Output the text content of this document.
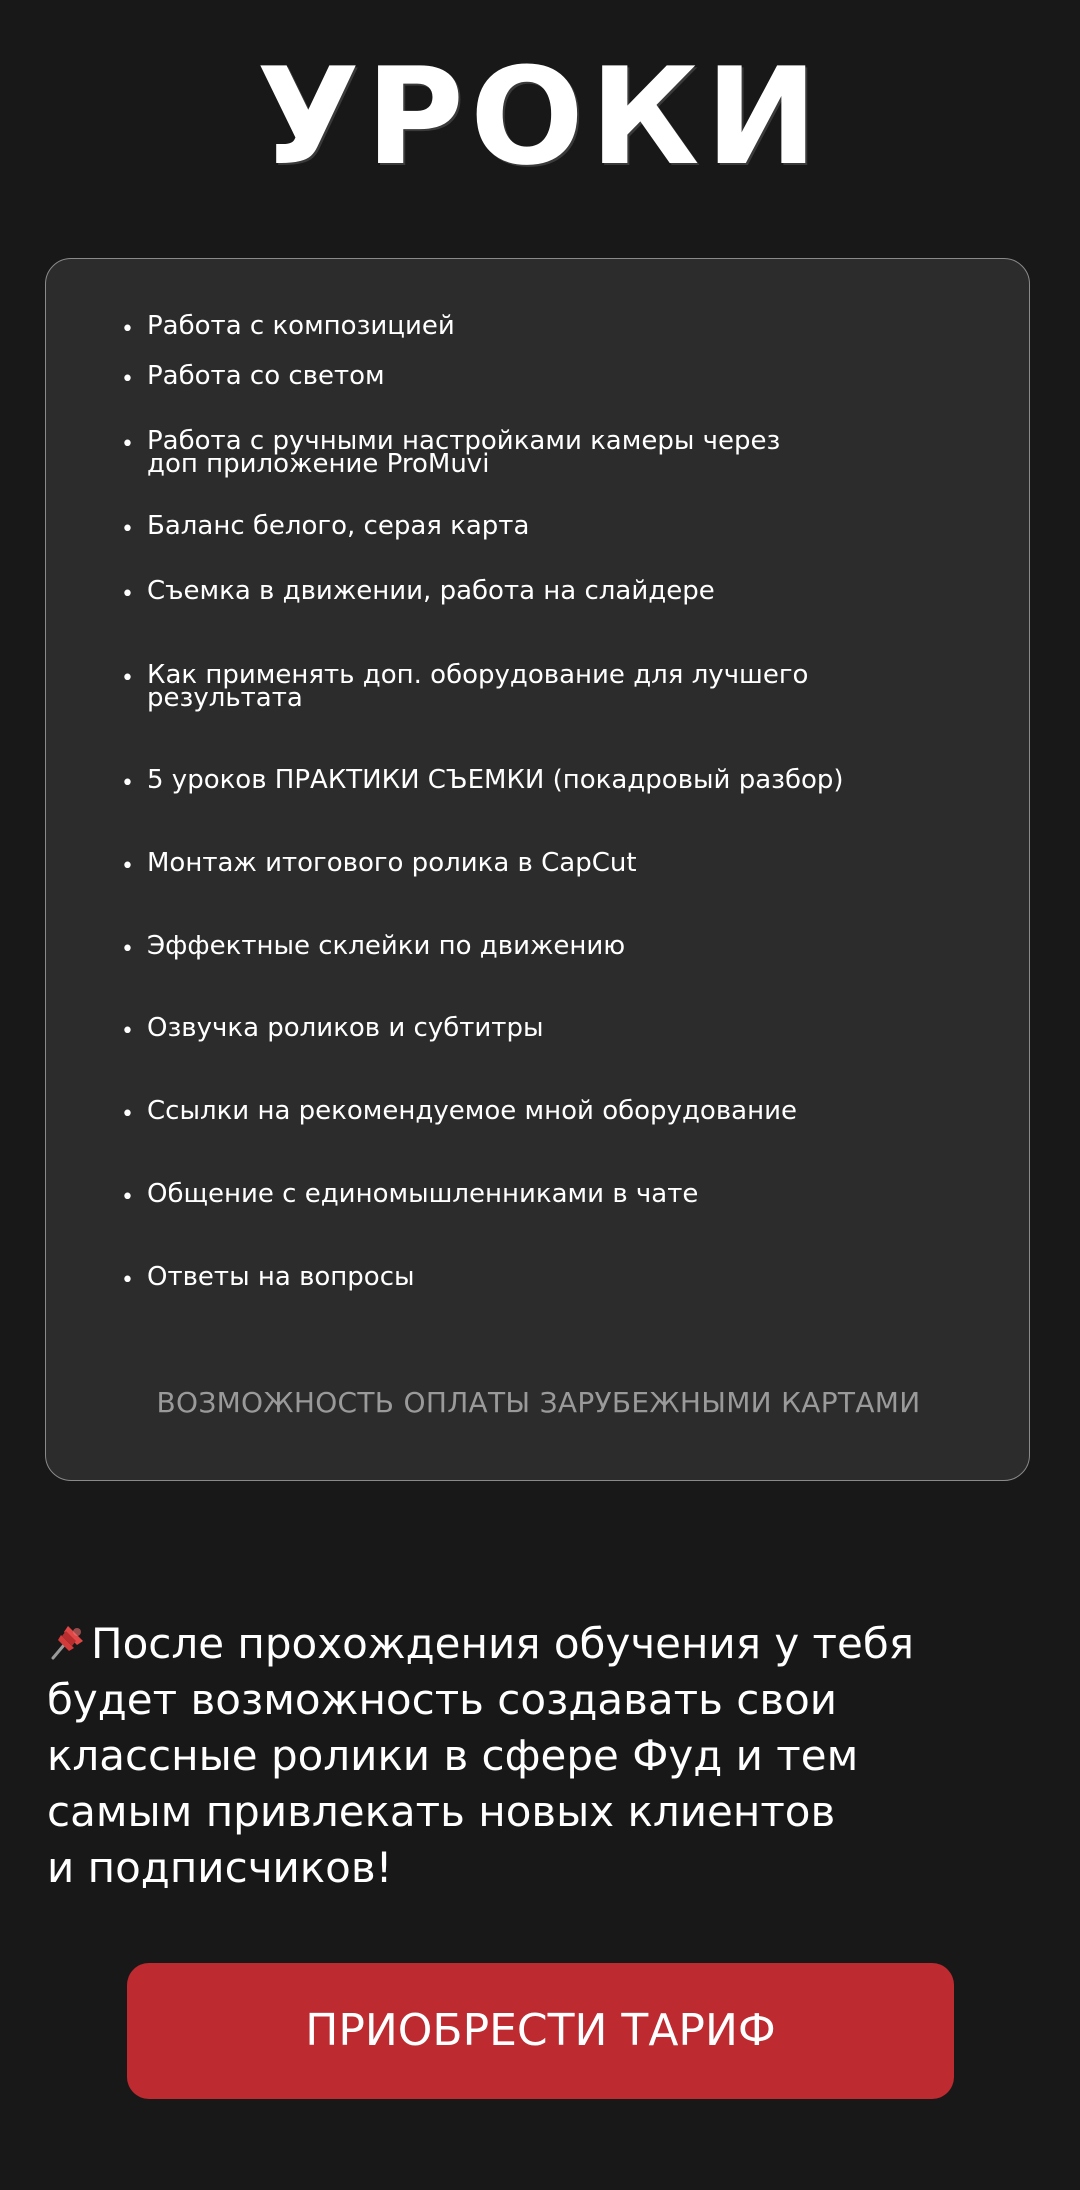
УРОКИ
• Работа с композицией
• Работа со светом
• Работа с ручными настройками камеры через
доп приложение ProMuvi
• Баланс белого, серая карта
• Съемка в движении, работа на слайдере
• Как применять доп. оборудование для лучшего
результата
• 5 уроков ПРАКТИКИ СЪЕМКИ (покадровый разбор)
• Монтаж итогового ролика в CapCut
• Эффектные склейки по движению
• Озвучка роликов и субтитры
• Ссылки на рекомендуемое мной оборудование
• Общение с единомышленниками в чате
• Ответы на вопросы
ВОЗМОЖНОСТЬ ОПЛАТЫ ЗАРУБЕЖНЫМИ КАРТАМИ
После прохождения обучения у тебя
будет возможность создавать свои
классные ролики в сфере Фуд и тем
самым привлекать новых клиентов
и подписчиков!
ПРИОБРЕСТИ ТАРИФ
